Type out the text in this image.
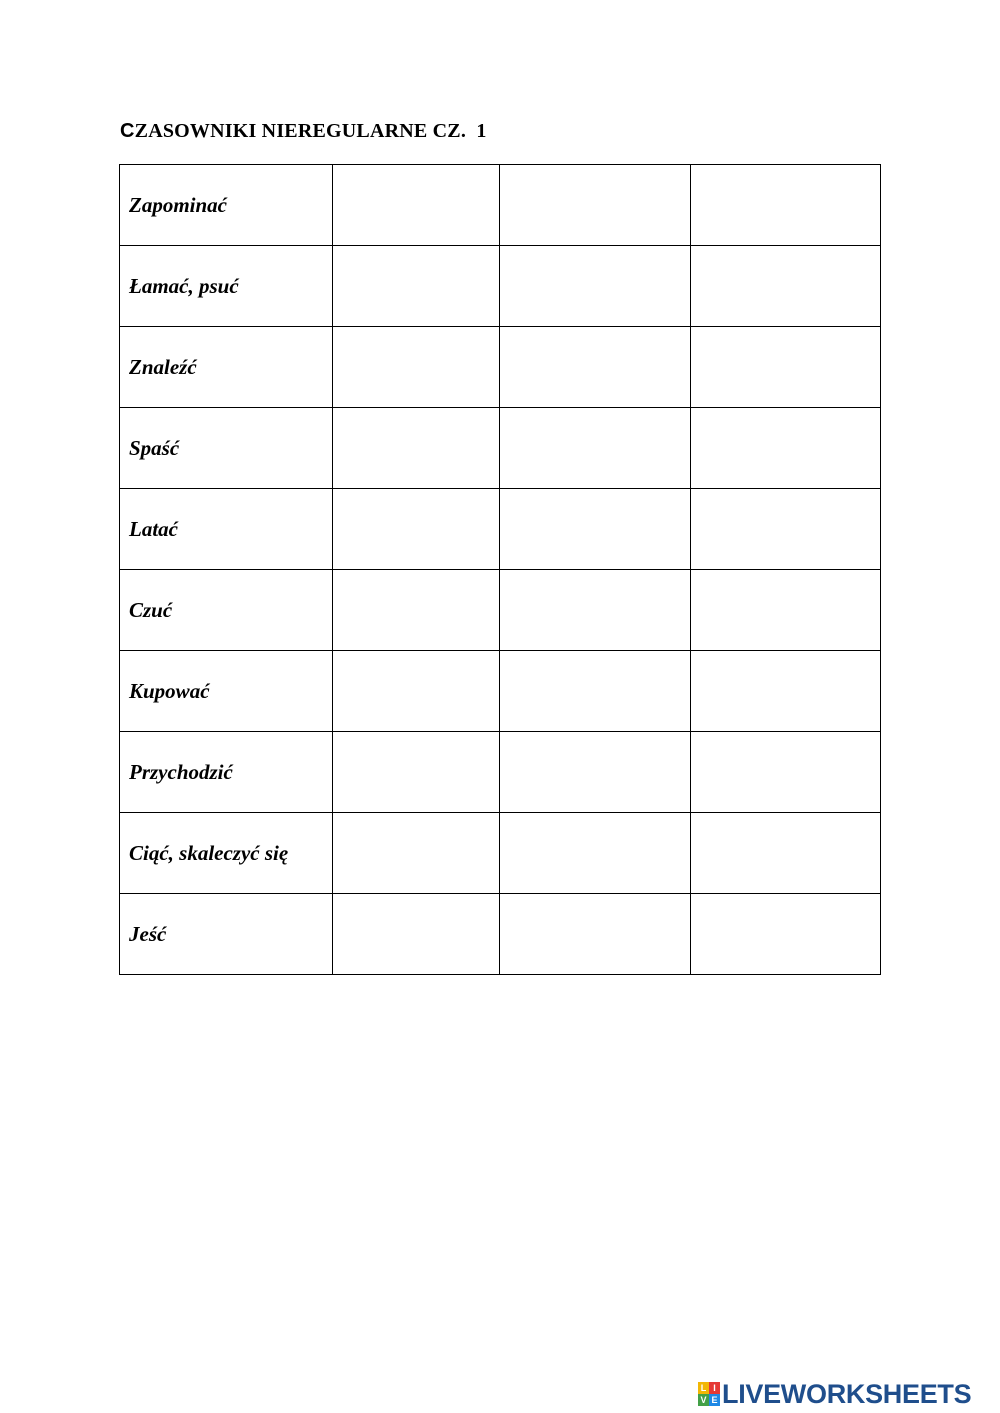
CZASOWNIKI NIEREGULARNE CZ.  1
Zapominać			
Łamać, psuć			
Znaleźć			
Spaść			
Latać			
Czuć			
Kupować			
Przychodzić			
Ciąć, skaleczyć się			
Jeść			
L I
V E LIVEWORKSHEETS
